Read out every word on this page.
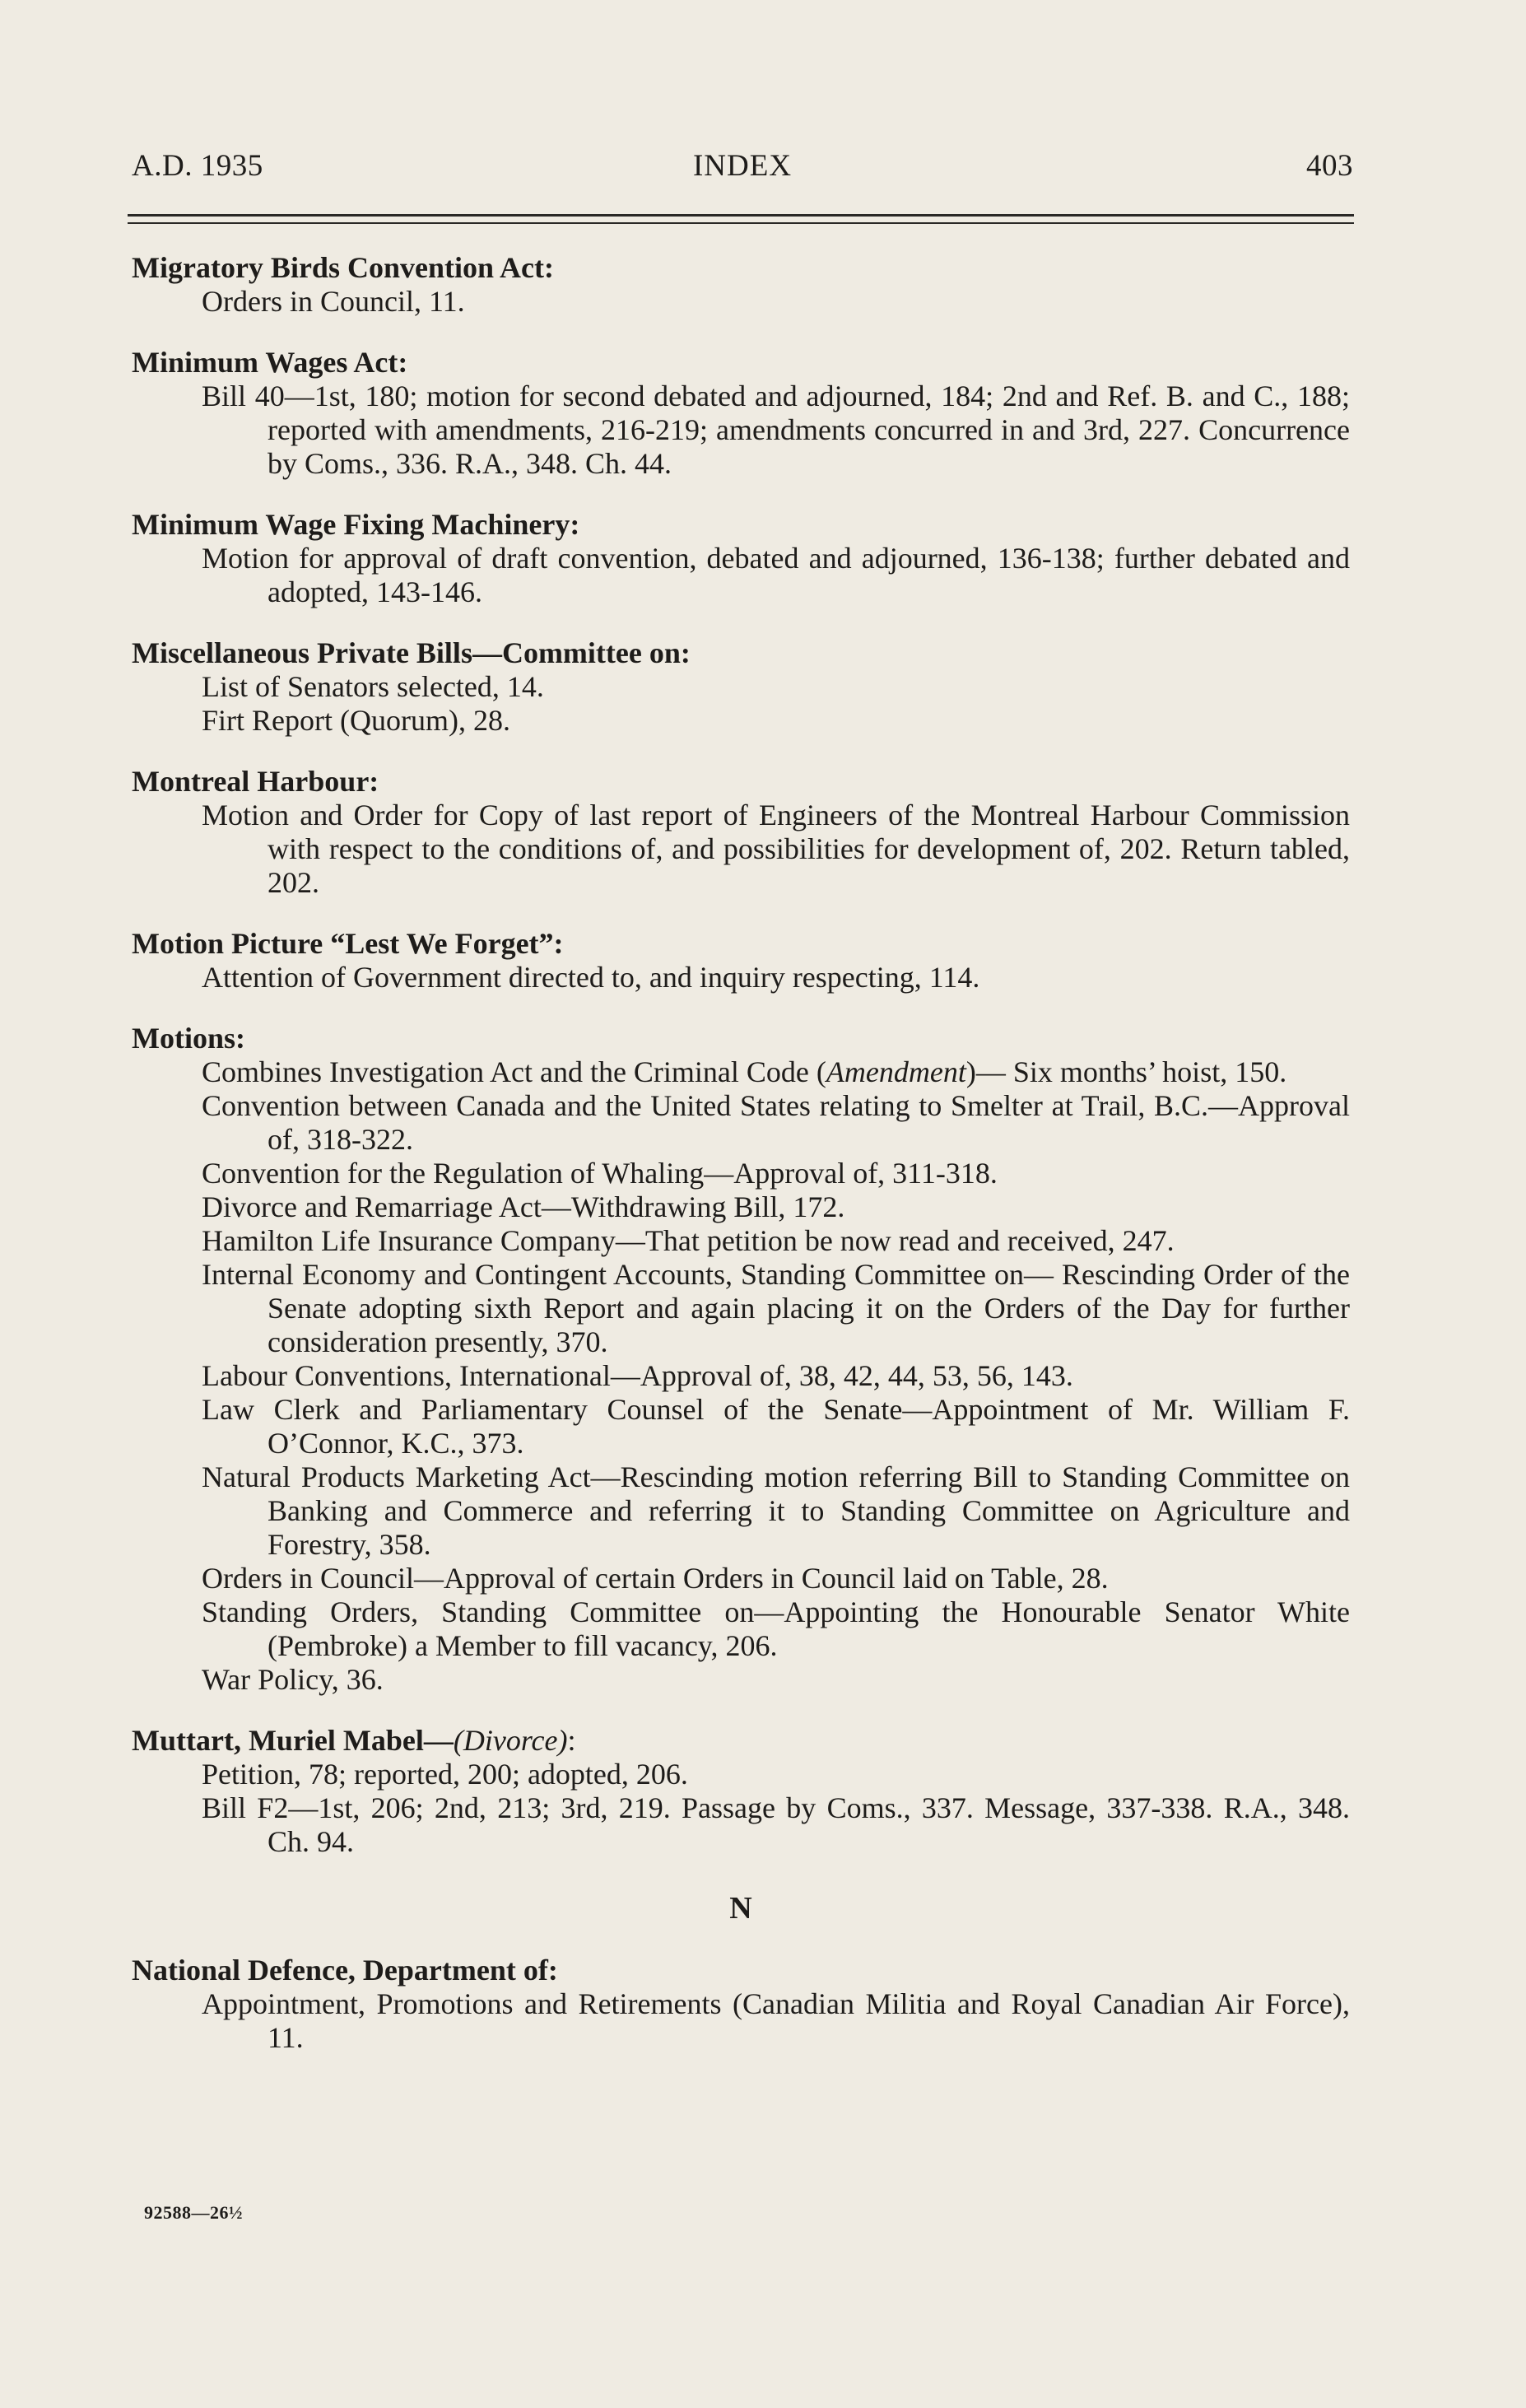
A.D. 1935	INDEX	403
Migratory Birds Convention Act:
Orders in Council, 11.
Minimum Wages Act:
Bill 40—1st, 180; motion for second debated and adjourned, 184; 2nd and Ref. B. and C., 188; reported with amendments, 216-219; amendments concurred in and 3rd, 227. Concurrence by Coms., 336. R.A., 348. Ch. 44.
Minimum Wage Fixing Machinery:
Motion for approval of draft convention, debated and adjourned, 136-138; further debated and adopted, 143-146.
Miscellaneous Private Bills—Committee on:
List of Senators selected, 14.
Firt Report (Quorum), 28.
Montreal Harbour:
Motion and Order for Copy of last report of Engineers of the Montreal Harbour Commission with respect to the conditions of, and possibilities for development of, 202. Return tabled, 202.
Motion Picture “Lest We Forget”:
Attention of Government directed to, and inquiry respecting, 114.
Motions:
Combines Investigation Act and the Criminal Code (Amendment)— Six months’ hoist, 150.
Convention between Canada and the United States relating to Smelter at Trail, B.C.—Approval of, 318-322.
Convention for the Regulation of Whaling—Approval of, 311-318.
Divorce and Remarriage Act—Withdrawing Bill, 172.
Hamilton Life Insurance Company—That petition be now read and received, 247.
Internal Economy and Contingent Accounts, Standing Committee on— Rescinding Order of the Senate adopting sixth Report and again placing it on the Orders of the Day for further consideration presently, 370.
Labour Conventions, International—Approval of, 38, 42, 44, 53, 56, 143.
Law Clerk and Parliamentary Counsel of the Senate—Appointment of Mr. William F. O’Connor, K.C., 373.
Natural Products Marketing Act—Rescinding motion referring Bill to Standing Committee on Banking and Commerce and referring it to Standing Committee on Agriculture and Forestry, 358.
Orders in Council—Approval of certain Orders in Council laid on Table, 28.
Standing Orders, Standing Committee on—Appointing the Honourable Senator White (Pembroke) a Member to fill vacancy, 206.
War Policy, 36.
Muttart, Muriel Mabel—(Divorce):
Petition, 78; reported, 200; adopted, 206.
Bill F2—1st, 206; 2nd, 213; 3rd, 219. Passage by Coms., 337. Message, 337-338. R.A., 348. Ch. 94.
N
National Defence, Department of:
Appointment, Promotions and Retirements (Canadian Militia and Royal Canadian Air Force), 11.
92588—26½
